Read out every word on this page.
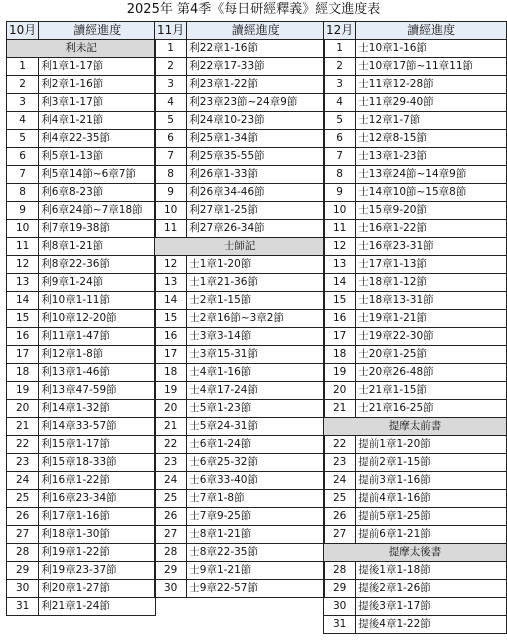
2025年 第4季《每日研經釋義》經文進度表
10月	讀經進度
利未記	
1	利1章1-17節
2	利2章1-16節
3	利3章1-17節
4	利4章1-21節
5	利4章22-35節
6	利5章1-13節
7	利5章14節~6章7節
8	利6章8-23節
9	利6章24節~7章18節
10	利7章19-38節
11	利8章1-21節
12	利8章22-36節
13	利9章1-24節
14	利10章1-11節
15	利10章12-20節
16	利11章1-47節
17	利12章1-8節
18	利13章1-46節
19	利13章47-59節
20	利14章1-32節
21	利14章33-57節
22	利15章1-17節
23	利15章18-33節
24	利16章1-22節
25	利16章23-34節
26	利17章1-16節
27	利18章1-30節
28	利19章1-22節
29	利19章23-37節
30	利20章1-27節
31	利21章1-24節

11月	讀經進度
1	利22章1-16節
2	利22章17-33節
3	利23章1-22節
4	利23章23節~24章9節
5	利24章10-23節
6	利25章1-34節
7	利25章35-55節
8	利26章1-33節
9	利26章34-46節
10	利27章1-25節
11	利27章26-34節
士師記	
12	士1章1-20節
13	士1章21-36節
14	士2章1-15節
15	士2章16節~3章2節
16	士3章3-14節
17	士3章15-31節
18	士4章1-16節
19	士4章17-24節
20	士5章1-23節
21	士5章24-31節
22	士6章1-24節
23	士6章25-32節
24	士6章33-40節
25	士7章1-8節
26	士7章9-25節
27	士8章1-21節
28	士8章22-35節
29	士9章1-21節
30	士9章22-57節

12月	讀經進度
1	士10章1-16節
2	士10章17節~11章11節
3	士11章12-28節
4	士11章29-40節
5	士12章1-7節
6	士12章8-15節
7	士13章1-23節
8	士13章24節~14章9節
9	士14章10節~15章8節
10	士15章9-20節
11	士16章1-22節
12	士16章23-31節
13	士17章1-13節
14	士18章1-12節
15	士18章13-31節
16	士19章1-21節
17	士19章22-30節
18	士20章1-25節
19	士20章26-48節
20	士21章1-15節
21	士21章16-25節
提摩太前書	
22	提前1章1-20節
23	提前2章1-15節
24	提前3章1-16節
25	提前4章1-16節
26	提前5章1-25節
27	提前6章1-21節
提摩太後書	
28	提後1章1-18節
29	提後2章1-26節
30	提後3章1-17節
31	提後4章1-22節
